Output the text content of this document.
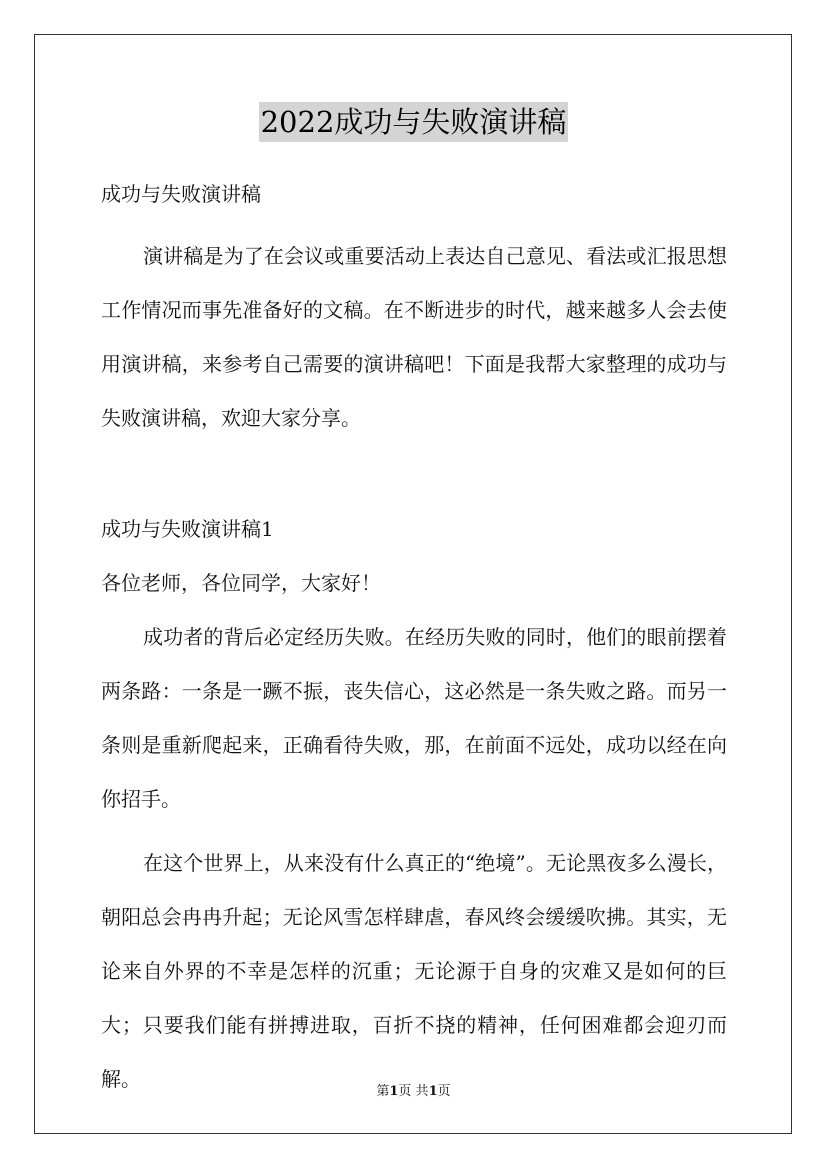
2022成功与失败演讲稿

成功与失败演讲稿

演讲稿是为了在会议或重要活动上表达自己意见、看法或汇报思想工作情况而事先准备好的文稿。在不断进步的时代，越来越多人会去使用演讲稿，来参考自己需要的演讲稿吧！下面是我帮大家整理的成功与失败演讲稿，欢迎大家分享。

成功与失败演讲稿1

各位老师，各位同学，大家好！

成功者的背后必定经历失败。在经历失败的同时，他们的眼前摆着两条路：一条是一蹶不振，丧失信心，这必然是一条失败之路。而另一条则是重新爬起来，正确看待失败，那，在前面不远处，成功以经在向你招手。

在这个世界上，从来没有什么真正的“绝境”。无论黑夜多么漫长，朝阳总会冉冉升起；无论风雪怎样肆虐，春风终会缓缓吹拂。其实，无论来自外界的不幸是怎样的沉重；无论源于自身的灾难又是如何的巨大；只要我们能有拼搏进取，百折不挠的精神，任何困难都会迎刃而解。

第1页 共1页
